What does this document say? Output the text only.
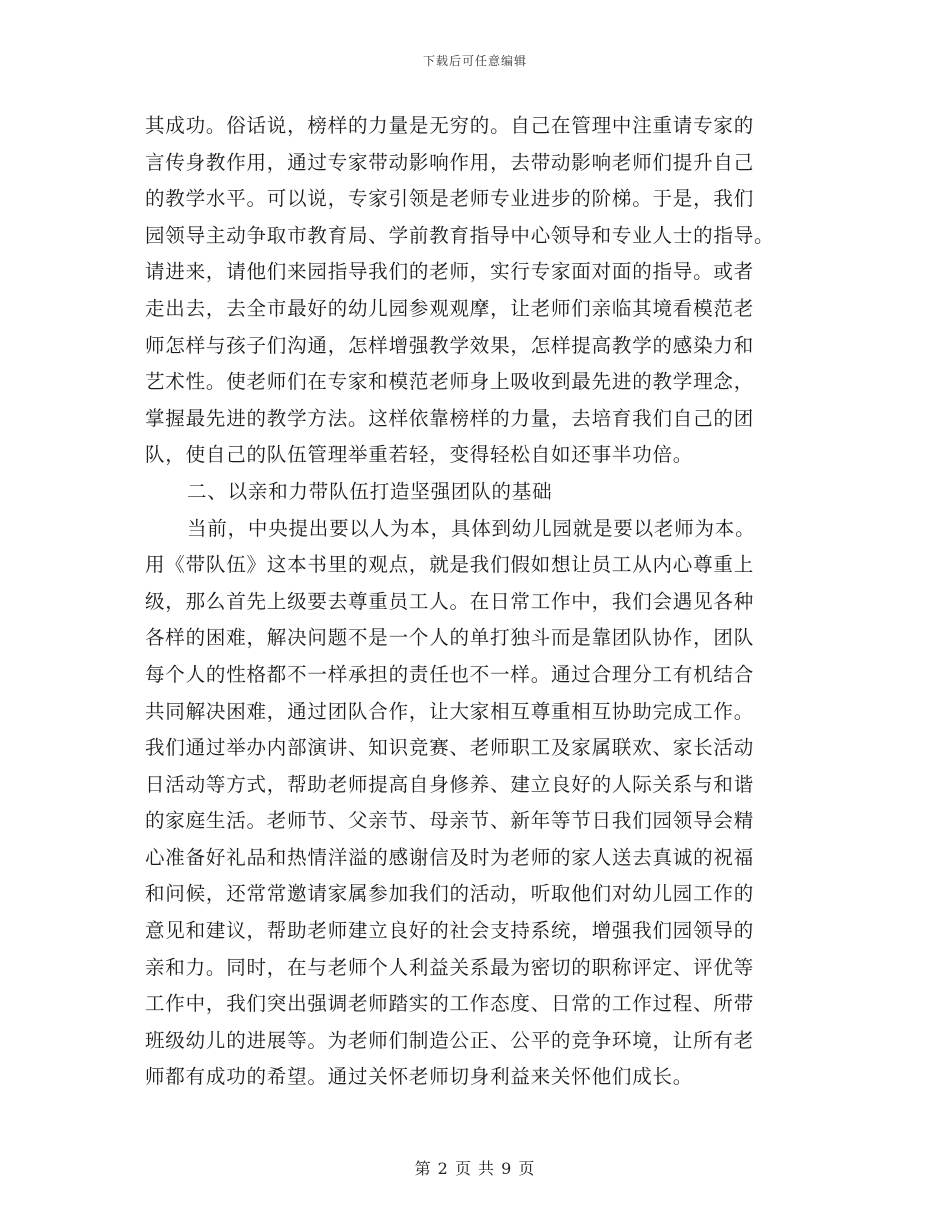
下载后可任意编辑
其成功。俗话说，榜样的力量是无穷的。自己在管理中注重请专家的
言传身教作用，通过专家带动影响作用，去带动影响老师们提升自己
的教学水平。可以说，专家引领是老师专业进步的阶梯。于是，我们
园领导主动争取市教育局、学前教育指导中心领导和专业人士的指导。
请进来，请他们来园指导我们的老师，实行专家面对面的指导。或者
走出去，去全市最好的幼儿园参观观摩，让老师们亲临其境看模范老
师怎样与孩子们沟通，怎样增强教学效果，怎样提高教学的感染力和
艺术性。使老师们在专家和模范老师身上吸收到最先进的教学理念，
掌握最先进的教学方法。这样依靠榜样的力量，去培育我们自己的团
队，使自己的队伍管理举重若轻，变得轻松自如还事半功倍。
二、以亲和力带队伍打造坚强团队的基础
当前，中央提出要以人为本，具体到幼儿园就是要以老师为本。
用《带队伍》这本书里的观点，就是我们假如想让员工从内心尊重上
级，那么首先上级要去尊重员工人。在日常工作中，我们会遇见各种
各样的困难，解决问题不是一个人的单打独斗而是靠团队协作，团队
每个人的性格都不一样承担的责任也不一样。通过合理分工有机结合
共同解决困难，通过团队合作，让大家相互尊重相互协助完成工作。
我们通过举办内部演讲、知识竞赛、老师职工及家属联欢、家长活动
日活动等方式，帮助老师提高自身修养、建立良好的人际关系与和谐
的家庭生活。老师节、父亲节、母亲节、新年等节日我们园领导会精
心准备好礼品和热情洋溢的感谢信及时为老师的家人送去真诚的祝福
和问候，还常常邀请家属参加我们的活动，听取他们对幼儿园工作的
意见和建议，帮助老师建立良好的社会支持系统，增强我们园领导的
亲和力。同时，在与老师个人利益关系最为密切的职称评定、评优等
工作中，我们突出强调老师踏实的工作态度、日常的工作过程、所带
班级幼儿的进展等。为老师们制造公正、公平的竞争环境，让所有老
师都有成功的希望。通过关怀老师切身利益来关怀他们成长。
第 2 页 共 9 页
